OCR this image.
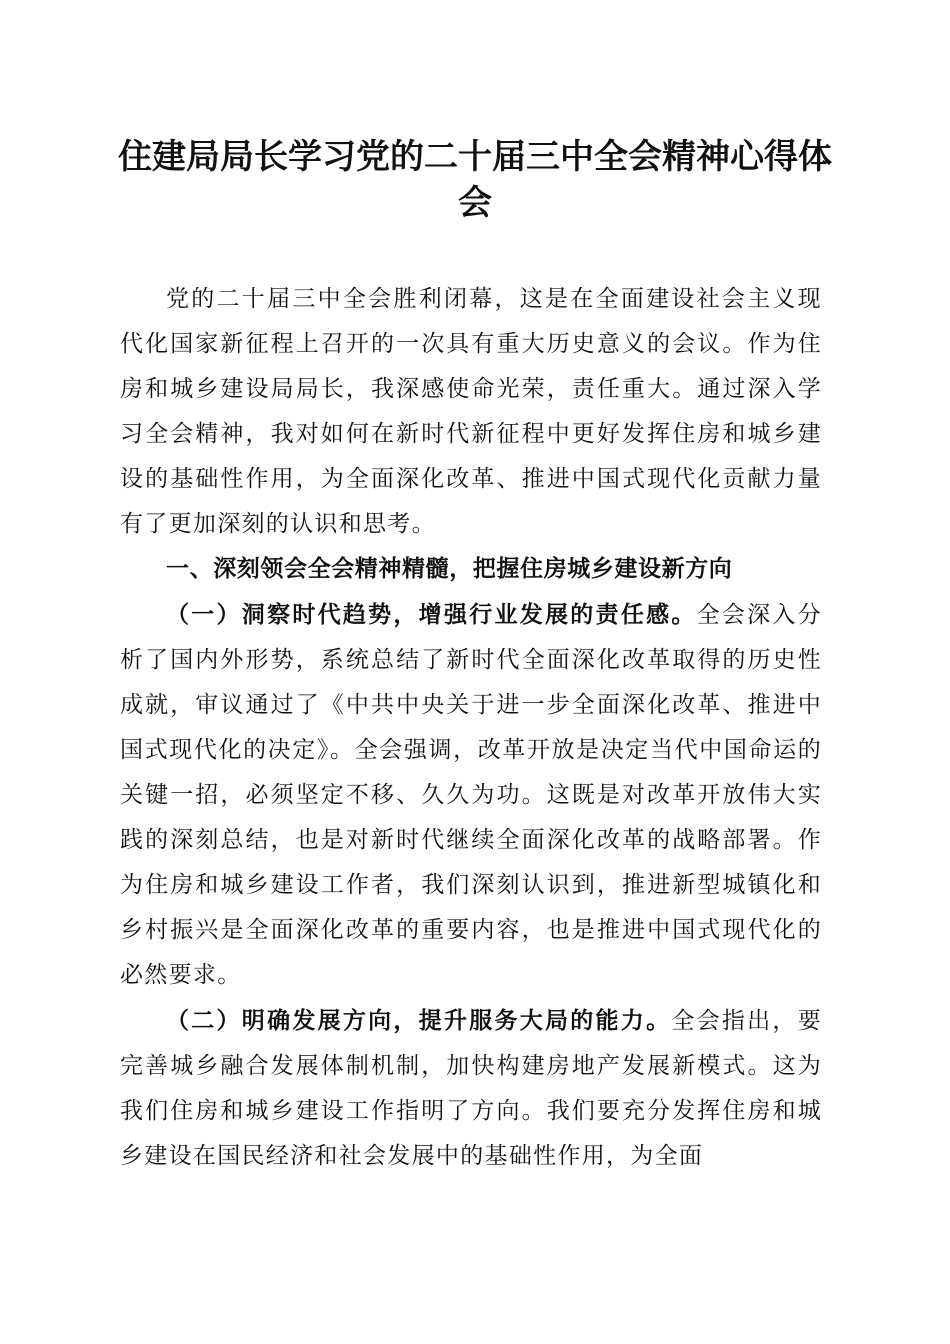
住建局局长学习党的二十届三中全会精神心得体会

党的二十届三中全会胜利闭幕，这是在全面建设社会主义现代化国家新征程上召开的一次具有重大历史意义的会议。作为住房和城乡建设局局长，我深感使命光荣，责任重大。通过深入学习全会精神，我对如何在新时代新征程中更好发挥住房和城乡建设的基础性作用，为全面深化改革、推进中国式现代化贡献力量有了更加深刻的认识和思考。

一、深刻领会全会精神精髓，把握住房城乡建设新方向

（一）洞察时代趋势，增强行业发展的责任感。全会深入分析了国内外形势，系统总结了新时代全面深化改革取得的历史性成就，审议通过了《中共中央关于进一步全面深化改革、推进中国式现代化的决定》。全会强调，改革开放是决定当代中国命运的关键一招，必须坚定不移、久久为功。这既是对改革开放伟大实践的深刻总结，也是对新时代继续全面深化改革的战略部署。作为住房和城乡建设工作者，我们深刻认识到，推进新型城镇化和乡村振兴是全面深化改革的重要内容，也是推进中国式现代化的必然要求。

（二）明确发展方向，提升服务大局的能力。全会指出，要完善城乡融合发展体制机制，加快构建房地产发展新模式。这为我们住房和城乡建设工作指明了方向。我们要充分发挥住房和城乡建设在国民经济和社会发展中的基础性作用，为全面
